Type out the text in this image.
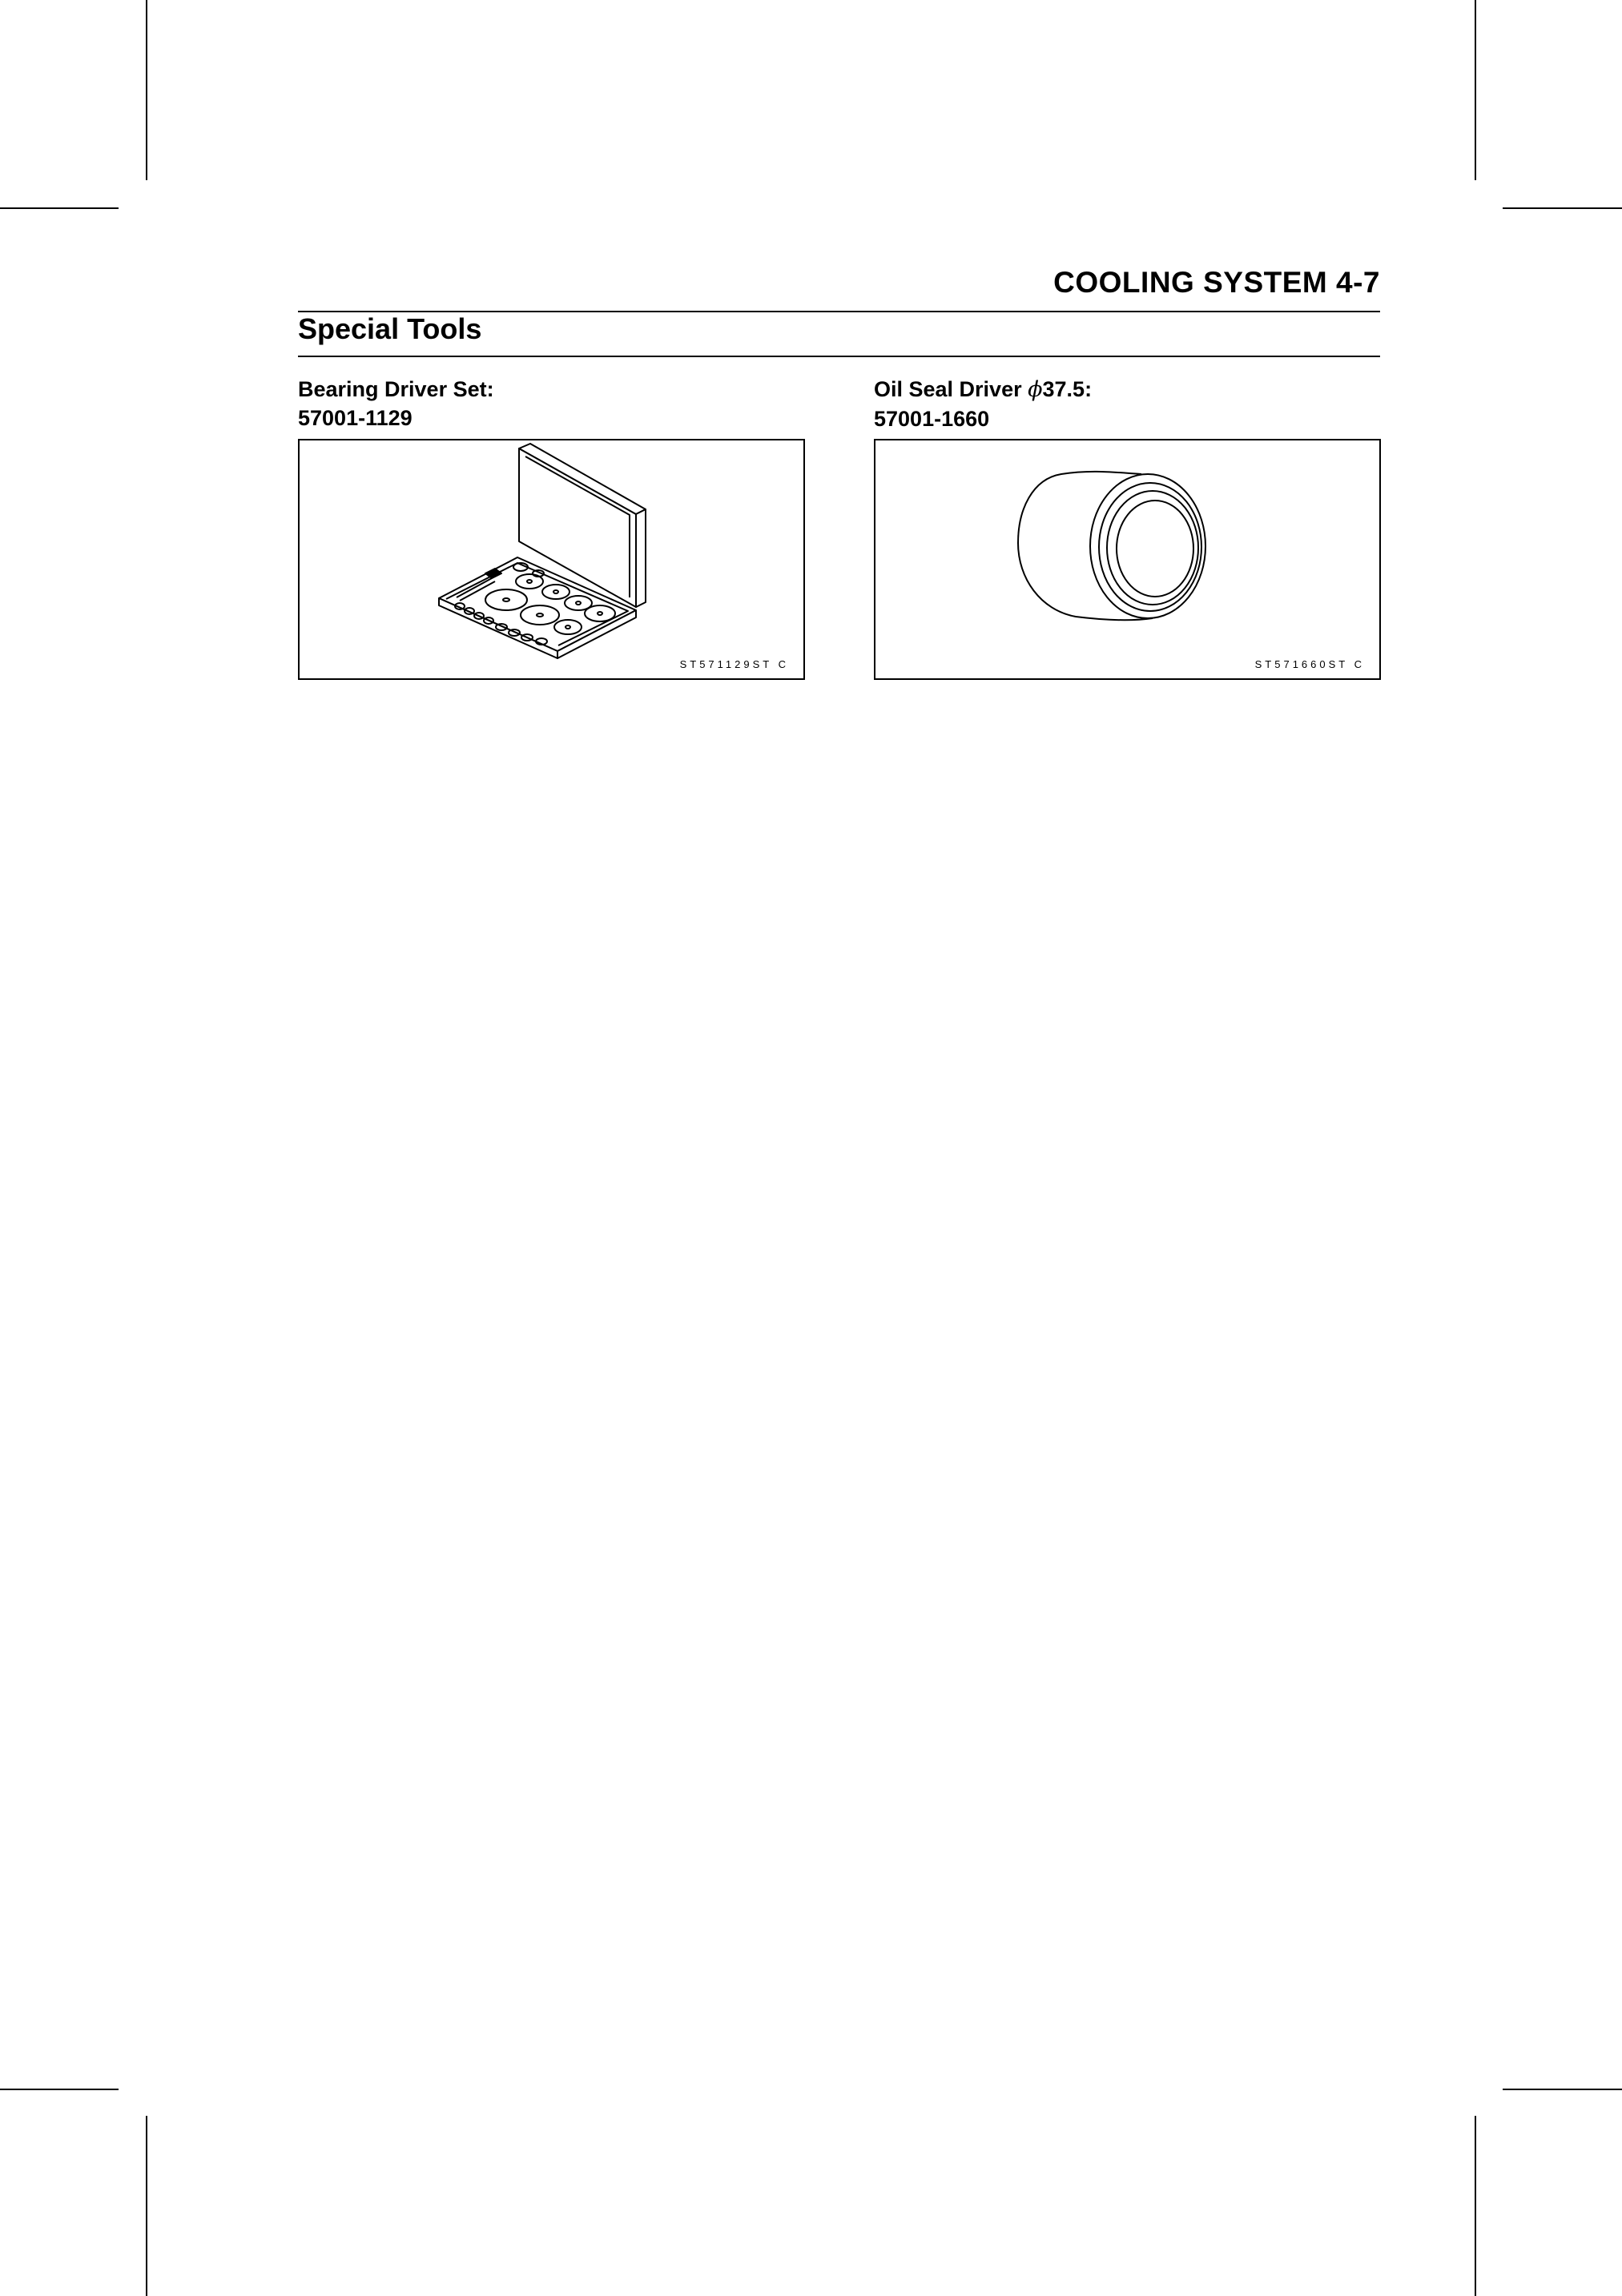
COOLING SYSTEM 4-7
Special Tools
Bearing Driver Set:
57001-1129
ST571129ST C
Oil Seal Driver ϕ37.5:
57001-1660
ST571660ST C
